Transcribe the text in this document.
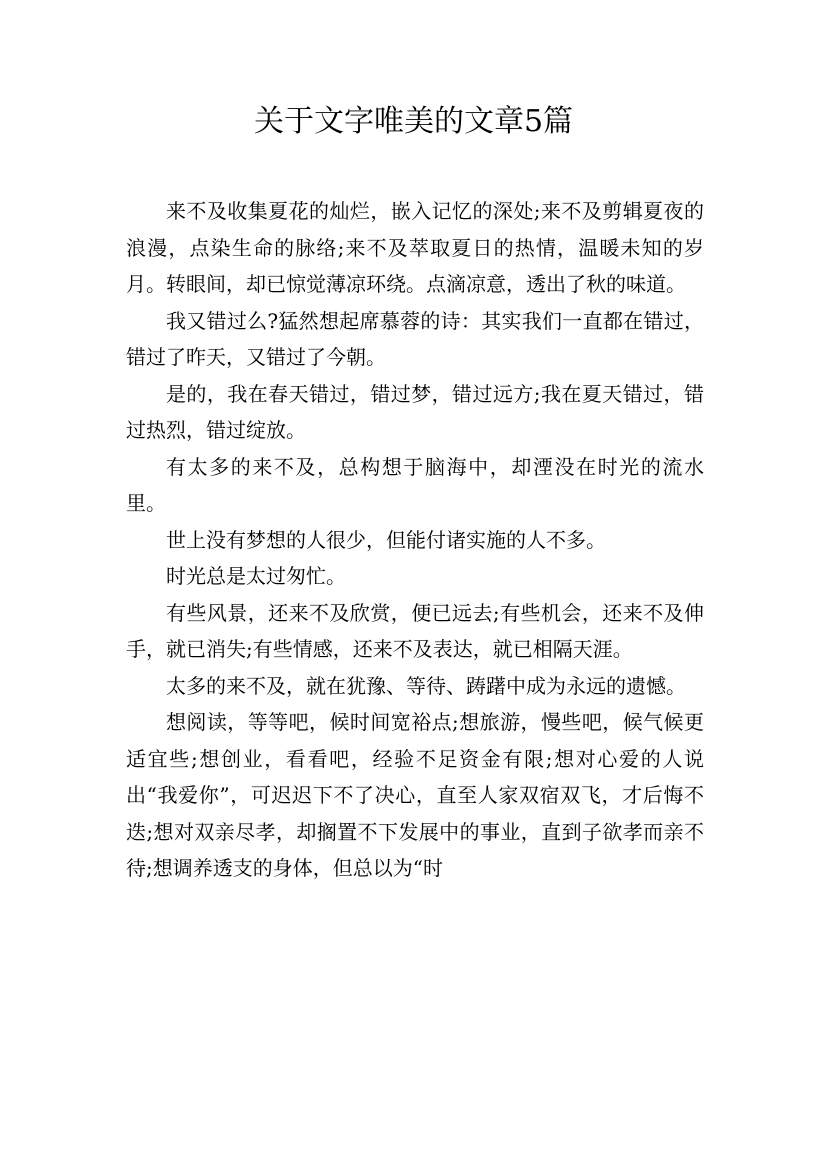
关于文字唯美的文章5篇

来不及收集夏花的灿烂，嵌入记忆的深处;来不及剪辑夏夜的浪漫，点染生命的脉络;来不及萃取夏日的热情，温暖未知的岁月。转眼间，却已惊觉薄凉环绕。点滴凉意，透出了秋的味道。

我又错过么?猛然想起席慕蓉的诗：其实我们一直都在错过，错过了昨天，又错过了今朝。

是的，我在春天错过，错过梦，错过远方;我在夏天错过，错过热烈，错过绽放。

有太多的来不及，总构想于脑海中，却湮没在时光的流水里。

世上没有梦想的人很少，但能付诸实施的人不多。

时光总是太过匆忙。

有些风景，还来不及欣赏，便已远去;有些机会，还来不及伸手，就已消失;有些情感，还来不及表达，就已相隔天涯。

太多的来不及，就在犹豫、等待、踌躇中成为永远的遗憾。

想阅读，等等吧，候时间宽裕点;想旅游，慢些吧，候气候更适宜些;想创业，看看吧，经验不足资金有限;想对心爱的人说出“我爱你”，可迟迟下不了决心，直至人家双宿双飞，才后悔不迭;想对双亲尽孝，却搁置不下发展中的事业，直到子欲孝而亲不待;想调养透支的身体，但总以为“时
